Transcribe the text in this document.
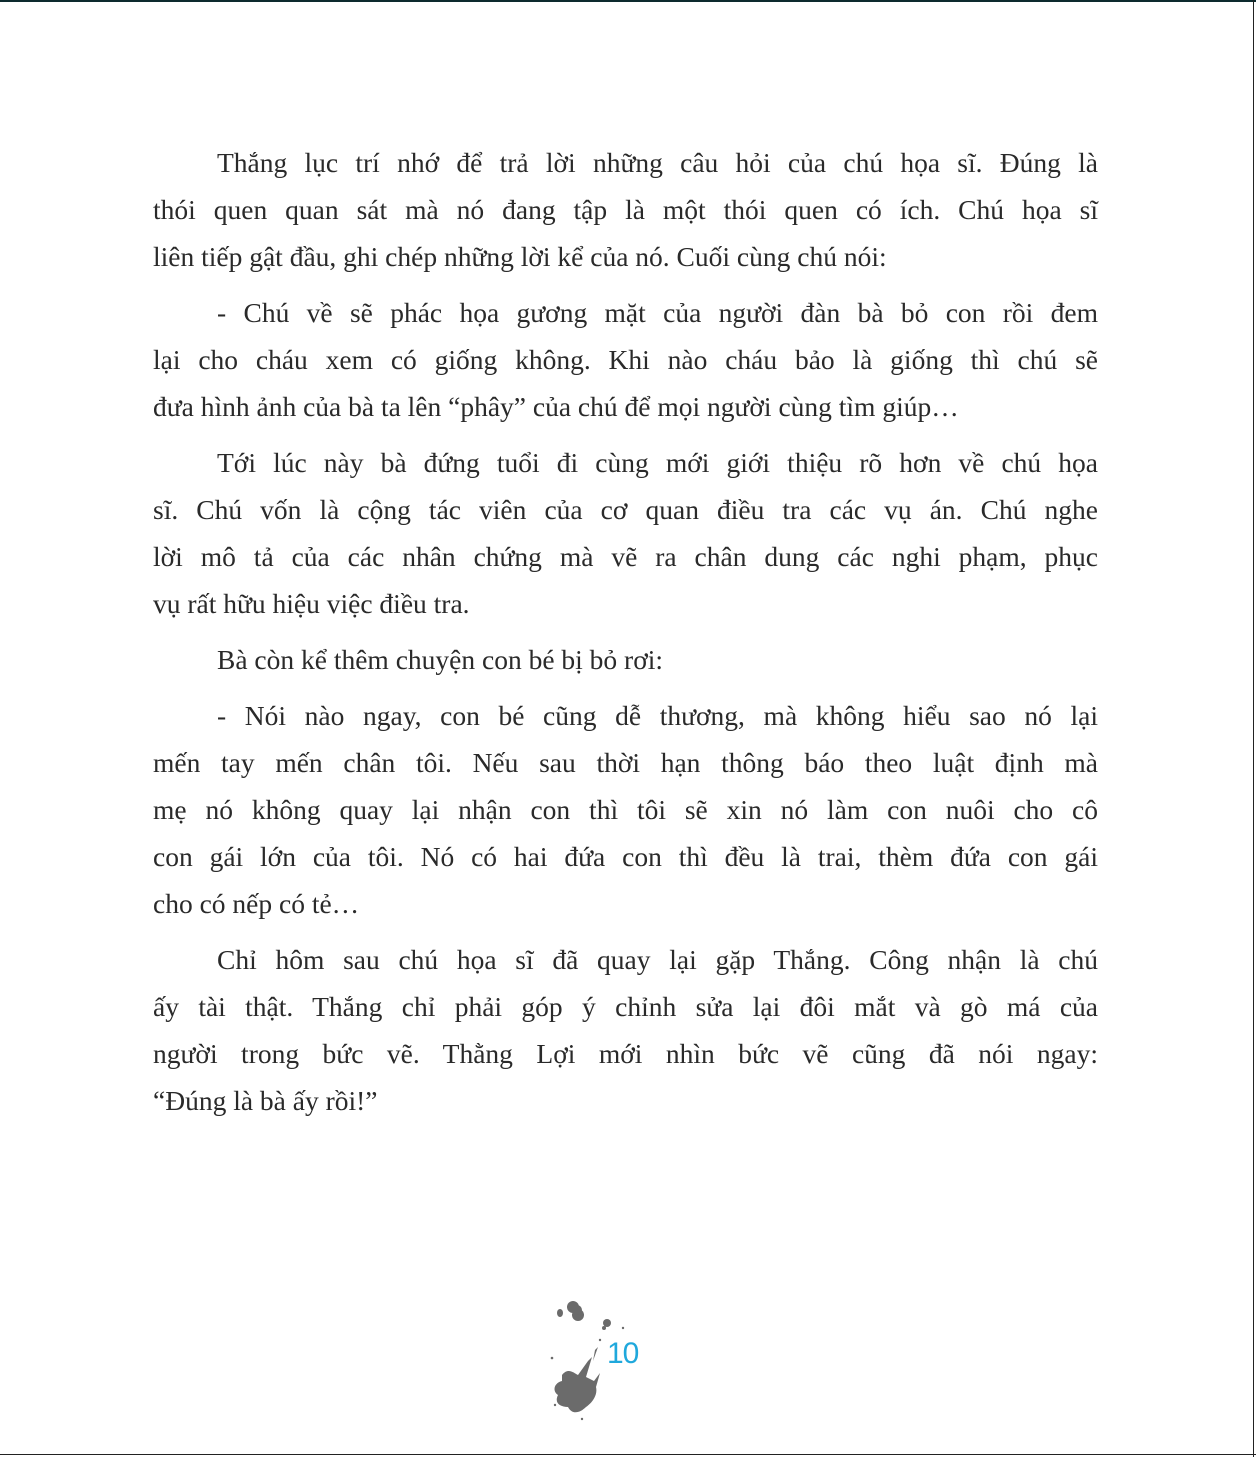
Thắng lục trí nhớ để trả lời những câu hỏi của chú họa sĩ. Đúng là
thói quen quan sát mà nó đang tập là một thói quen có ích. Chú họa sĩ
liên tiếp gật đầu, ghi chép những lời kể của nó. Cuối cùng chú nói:
- Chú về sẽ phác họa gương mặt của người đàn bà bỏ con rồi đem
lại cho cháu xem có giống không. Khi nào cháu bảo là giống thì chú sẽ
đưa hình ảnh của bà ta lên “phây” của chú để mọi người cùng tìm giúp…
Tới lúc này bà đứng tuổi đi cùng mới giới thiệu rõ hơn về chú họa
sĩ. Chú vốn là cộng tác viên của cơ quan điều tra các vụ án. Chú nghe
lời mô tả của các nhân chứng mà vẽ ra chân dung các nghi phạm, phục
vụ rất hữu hiệu việc điều tra.
Bà còn kể thêm chuyện con bé bị bỏ rơi:
- Nói nào ngay, con bé cũng dễ thương, mà không hiểu sao nó lại
mến tay mến chân tôi. Nếu sau thời hạn thông báo theo luật định mà
mẹ nó không quay lại nhận con thì tôi sẽ xin nó làm con nuôi cho cô
con gái lớn của tôi. Nó có hai đứa con thì đều là trai, thèm đứa con gái
cho có nếp có tẻ…
Chỉ hôm sau chú họa sĩ đã quay lại gặp Thắng. Công nhận là chú
ấy tài thật. Thắng chỉ phải góp ý chỉnh sửa lại đôi mắt và gò má của
người trong bức vẽ. Thằng Lợi mới nhìn bức vẽ cũng đã nói ngay:
“Đúng là bà ấy rồi!”
10
